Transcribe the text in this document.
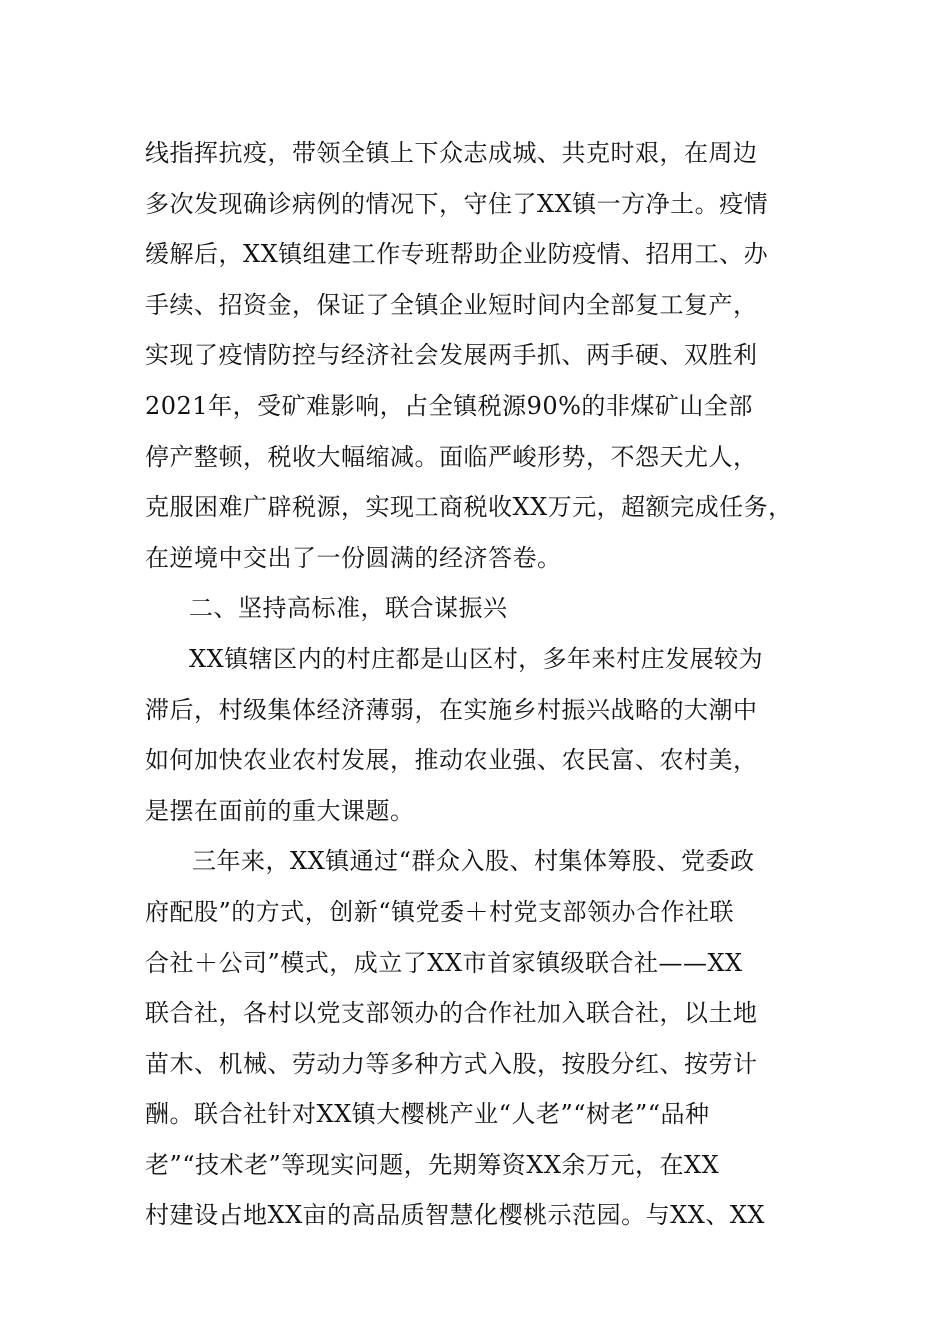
线指挥抗疫，带领全镇上下众志成城、共克时艰，在周边
多次发现确诊病例的情况下，守住了XX镇一方净土。疫情
缓解后，XX镇组建工作专班帮助企业防疫情、招用工、办
手续、招资金，保证了全镇企业短时间内全部复工复产，
实现了疫情防控与经济社会发展两手抓、两手硬、双胜利
2021年，受矿难影响，占全镇税源90%的非煤矿山全部
停产整顿，税收大幅缩减。面临严峻形势，不怨天尤人，
克服困难广辟税源，实现工商税收XX万元，超额完成任务，
在逆境中交出了一份圆满的经济答卷。
二、坚持高标准，联合谋振兴
XX镇辖区内的村庄都是山区村，多年来村庄发展较为
滞后，村级集体经济薄弱，在实施乡村振兴战略的大潮中
如何加快农业农村发展，推动农业强、农民富、农村美，
是摆在面前的重大课题。
三年来，XX镇通过“群众入股、村集体筹股、党委政
府配股”的方式，创新“镇党委＋村党支部领办合作社联
合社＋公司”模式，成立了XX市首家镇级联合社——XX
联合社，各村以党支部领办的合作社加入联合社，以土地
苗木、机械、劳动力等多种方式入股，按股分红、按劳计
酬。联合社针对XX镇大樱桃产业“人老”“树老”“品种
老”“技术老”等现实问题，先期筹资XX余万元，在XX
村建设占地XX亩的高品质智慧化樱桃示范园。与XX、XX
